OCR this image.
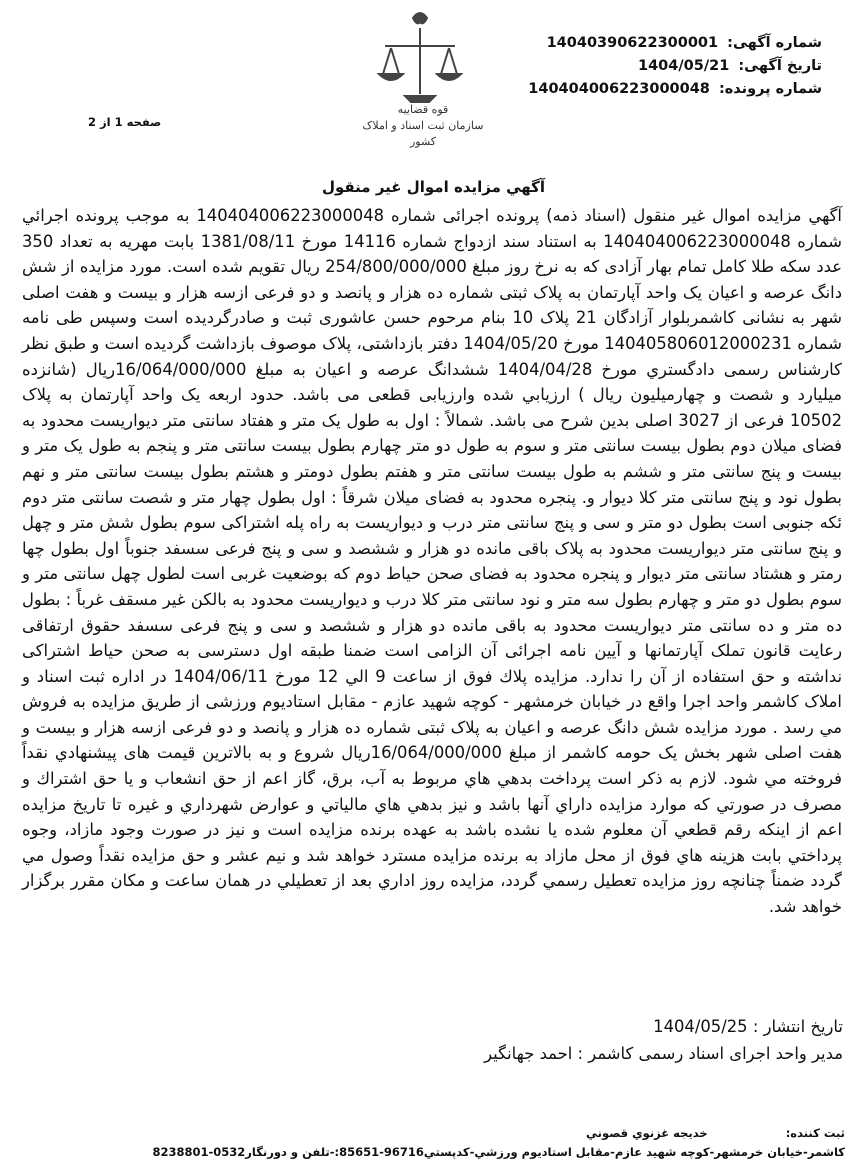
شماره آگهی: 14040390622300001
تاریخ آگهی: 1404/05/21
شماره پرونده: 140404006223000048
قوه قضاییه
سازمان ثبت اسناد و املاک کشور
صفحه 1 از 2
آگهي مزايده اموال غير منقول

آگهي مزايده اموال غير منقول (اسناد ذمه) پرونده اجرائی شماره 140404006223000048 به موجب پرونده اجرائي شماره 140404006223000048 به استناد سند ازدواج شماره 14116 مورخ 1381/08/11 بابت مهریه به تعداد 350 عدد سکه طلا کامل تمام بهار آزادی که به نرخ روز مبلغ 254/800/000/000 ریال تقویم شده است. مورد مزایده از شش دانگ عرصه و اعیان یک واحد آپارتمان به پلاک ثبتی شماره ده هزار و پانصد و دو فرعی ازسه هزار و بیست و هفت اصلی شهر به نشانی کاشمربلوار آزادگان 21 پلاک 10 بنام مرحوم حسن عاشوری ثبت و صادرگردیده است وسپس طی نامه شماره 140405806012000231 مورخ 1404/05/20 دفتر بازداشتی، پلاک موصوف بازداشت گردیده است و طبق نظر کارشناس رسمی دادگستري مورخ 1404/04/28 ششدانگ عرصه و اعیان به مبلغ 16/064/000/000ريال (شانزده میلیارد و شصت و چهارمیلیون ريال ) ارزيابي شده وارزيابی قطعی می باشد. حدود اربعه یک واحد آپارتمان به پلاک 10502 فرعی از 3027 اصلی بدین شرح می باشد. شمالاً : اول به طول یک متر و هفتاد سانتی متر دیواریست محدود به فضای میلان دوم بطول بیست سانتی متر و سوم به طول دو متر چهارم بطول بیست سانتی متر و پنجم به طول یک متر و بیست و پنج سانتی متر و ششم به طول بیست سانتی متر و هفتم بطول دومتر و هشتم بطول بیست سانتی متر و نهم بطول نود و پنج سانتی متر کلا دیوار و. پنجره محدود به فضای میلان شرقاً : اول بطول چهار متر و شصت سانتی متر دوم ئکه جنوبی است بطول دو متر و سی و پنج سانتی متر درب و دیواریست به راه پله اشتراکی سوم بطول شش متر و چهل و پنج سانتی متر دیواریست محدود به پلاک باقی مانده دو هزار و ششصد و سی و پنج فرعی سسفد جنوباً اول بطول چها رمتر و هشتاد سانتی متر دیوار و پنجره محدود به فضای صحن حیاط دوم که بوضعیت غربی است لطول چهل سانتی متر و سوم بطول دو متر و چهارم بطول سه متر و نود سانتی متر کلا درب و دیواریست محدود به بالکن غیر مسقف غرباً : بطول ده متر و ده سانتی متر دیواریست محدود به باقی مانده دو هزار و ششصد و سی و پنج فرعی سسفد حقوق ارتفاقی رعایت قانون تملک آپارتمانها و آیین نامه اجرائی آن الزامی است ضمنا طبقه اول دسترسی به صحن حیاط اشتراکی نداشته و حق استفاده از آن را ندارد. مزايده پلاك فوق از ساعت 9 الي 12 مورخ 1404/06/11 در اداره ثبت اسناد و املاک کاشمر واحد اجرا واقع در خیابان خرمشهر - کوچه شهید عازم - مقابل استادیوم ورزشی از طريق مزايده به فروش مي رسد . مورد مزایده شش دانگ عرصه و اعیان به پلاک ثبتی شماره ده هزار و پانصد و دو فرعی ازسه هزار و بیست و هفت اصلی شهر بخش یک حومه کاشمر از مبلغ 16/064/000/000ريال شروع و به بالاترين قیمت های پیشنهادي نقداً فروخته مي شود. لازم به ذكر است پرداخت بدهي هاي مربوط به آب، برق، گاز اعم از حق انشعاب و يا حق اشتراك و مصرف در صورتي كه موارد مزايده داراي آنها باشد و نيز بدهي هاي مالياتي و عوارض شهرداري و غيره تا تاريخ مزايده اعم از اينكه رقم قطعي آن معلوم شده يا نشده باشد به عهده برنده مزايده است و نيز در صورت وجود مازاد، وجوه پرداختي بابت هزينه هاي فوق از محل مازاد به برنده مزايده مسترد خواهد شد و نيم عشر و حق مزايده نقداً وصول مي گردد ضمناً چنانچه روز مزايده تعطيل رسمي گردد، مزايده روز اداري بعد از تعطيلي در همان ساعت و مكان مقرر برگزار خواهد شد.

تاریخ انتشار : 1404/05/25
مدیر واحد اجرای اسناد رسمی کاشمر : احمد جهانگیر
ثبت کننده:  خدیجه غزنوي قصوني
کاشمر-خیابان خرمشهر-کوچه شهید عازم-مقابل استادیوم ورزشي-کدپستي96716-85651:-تلفن و دورنگار0532-8238801
